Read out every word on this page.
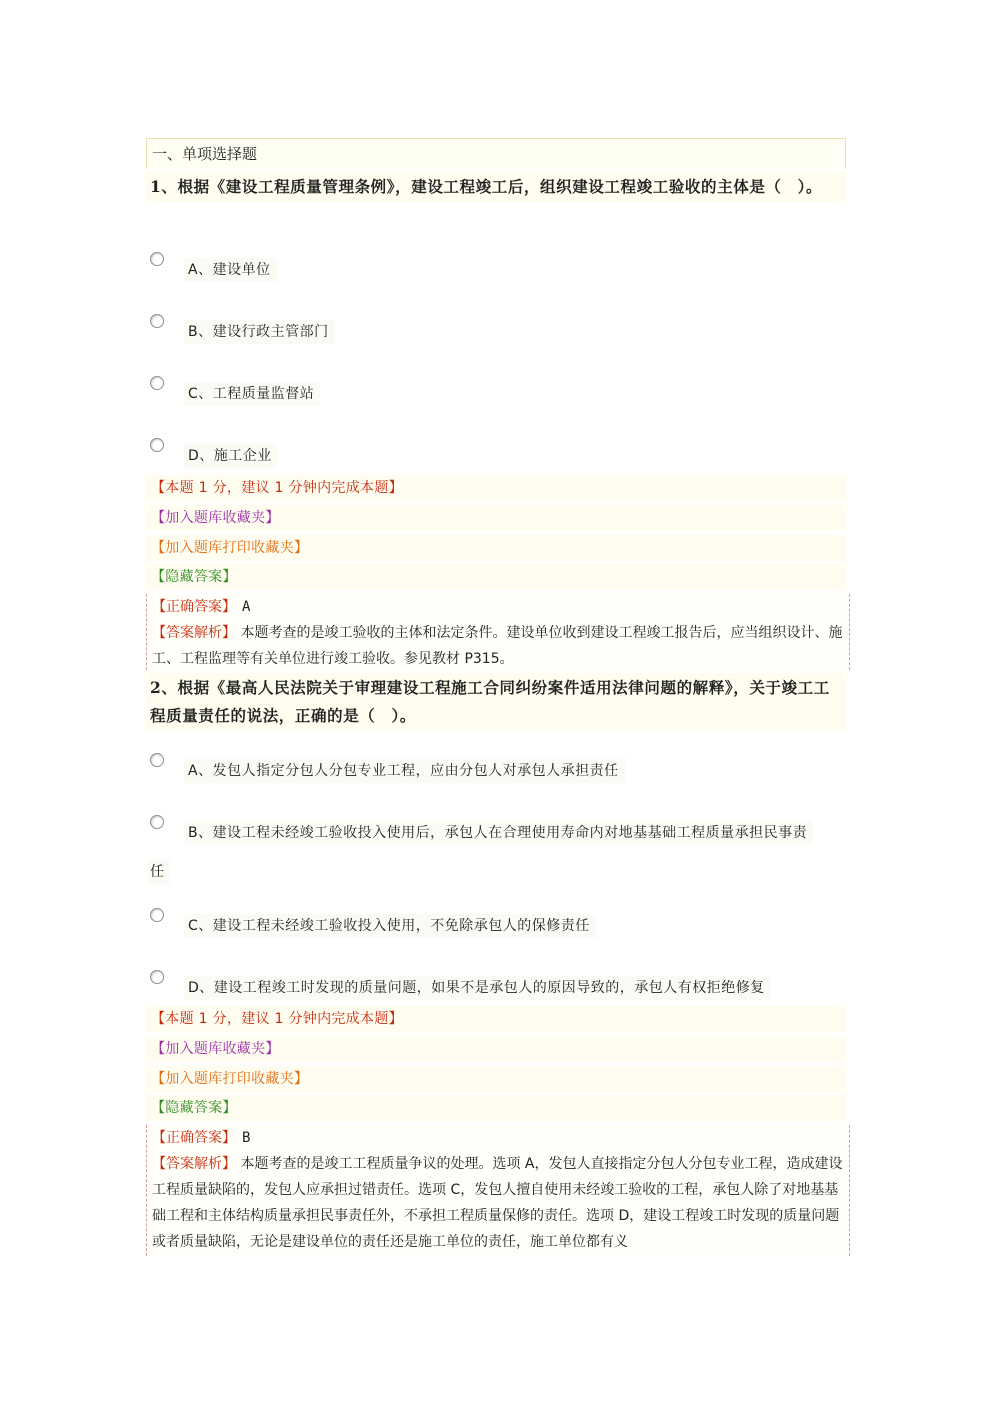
一、单项选择题
1、根据《建设工程质量管理条例》，建设工程竣工后，组织建设工程竣工验收的主体是（　）。
A、建设单位
B、建设行政主管部门
C、工程质量监督站
D、施工企业
【本题 1 分，建议 1 分钟内完成本题】
【加入题库收藏夹】
【加入题库打印收藏夹】
【隐藏答案】
【正确答案】 A
【答案解析】 本题考查的是竣工验收的主体和法定条件。建设单位收到建设工程竣工报告后，应当组织设计、施工、工程监理等有关单位进行竣工验收。参见教材 P315。
2、根据《最高人民法院关于审理建设工程施工合同纠纷案件适用法律问题的解释》，关于竣工工程质量责任的说法，正确的是（　）。
A、发包人指定分包人分包专业工程，应由分包人对承包人承担责任
B、建设工程未经竣工验收投入使用后，承包人在合理使用寿命内对地基基础工程质量承担民事责
任
C、建设工程未经竣工验收投入使用，不免除承包人的保修责任
D、建设工程竣工时发现的质量问题，如果不是承包人的原因导致的，承包人有权拒绝修复
【本题 1 分，建议 1 分钟内完成本题】
【加入题库收藏夹】
【加入题库打印收藏夹】
【隐藏答案】
【正确答案】 B
【答案解析】 本题考查的是竣工工程质量争议的处理。选项 A，发包人直接指定分包人分包专业工程，造成建设工程质量缺陷的，发包人应承担过错责任。选项 C，发包人擅自使用未经竣工验收的工程，承包人除了对地基基础工程和主体结构质量承担民事责任外，不承担工程质量保修的责任。选项 D，建设工程竣工时发现的质量问题或者质量缺陷，无论是建设单位的责任还是施工单位的责任，施工单位都有义
